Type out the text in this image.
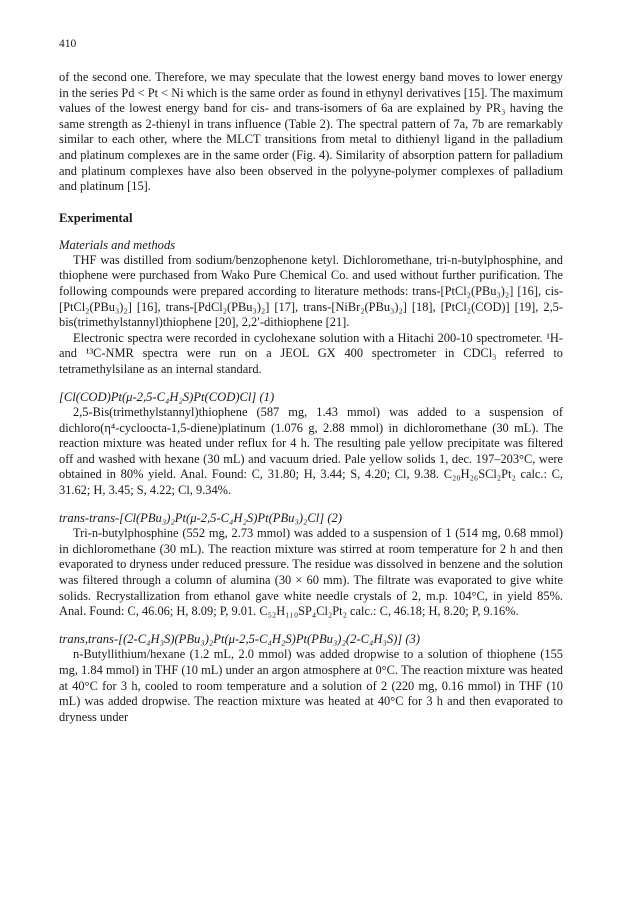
410

of the second one. Therefore, we may speculate that the lowest energy band moves to lower energy in the series Pd < Pt < Ni which is the same order as found in ethynyl derivatives [15]. The maximum values of the lowest energy band for cis- and trans-isomers of 6a are explained by PR₃ having the same strength as 2-thienyl in trans influence (Table 2). The spectral pattern of 7a, 7b are remarkably similar to each other, where the MLCT transitions from metal to dithienyl ligand in the palladium and platinum complexes are in the same order (Fig. 4). Similarity of absorption pattern for palladium and platinum complexes have also been observed in the polyyne-polymer complexes of palladium and platinum [15].

Experimental
Materials and methods

THF was distilled from sodium/benzophenone ketyl. Dichloromethane, tri-n-butylphosphine, and thiophene were purchased from Wako Pure Chemical Co. and used without further purification. The following compounds were prepared according to literature methods: trans-[PtCl₂(PBu₃)₂] [16], cis-[PtCl₂(PBu₃)₂] [16], trans-[PdCl₂(PBu₃)₂] [17], trans-[NiBr₂(PBu₃)₂] [18], [PtCl₂(COD)] [19], 2,5-bis(trimethylstannyl)thiophene [20], 2,2′-dithiophene [21].

Electronic spectra were recorded in cyclohexane solution with a Hitachi 200-10 spectrometer. ¹H- and ¹³C-NMR spectra were run on a JEOL GX 400 spectrometer in CDCl₃ referred to tetramethylsilane as an internal standard.

[Cl(COD)Pt(μ-2,5-C₄H₂S)Pt(COD)Cl] (1)

2,5-Bis(trimethylstannyl)thiophene (587 mg, 1.43 mmol) was added to a suspension of dichloro(η⁴-cycloocta-1,5-diene)platinum (1.076 g, 2.88 mmol) in dichloromethane (30 mL). The reaction mixture was heated under reflux for 4 h. The resulting pale yellow precipitate was filtered off and washed with hexane (30 mL) and vacuum dried. Pale yellow solids 1, dec. 197–203°C, were obtained in 80% yield. Anal. Found: C, 31.80; H, 3.44; S, 4.20; Cl, 9.38. C₂₀H₂₆SCl₂Pt₂ calc.: C, 31.62; H, 3.45; S, 4.22; Cl, 9.34%.

trans-trans-[Cl(PBu₃)₂Pt(μ-2,5-C₄H₂S)Pt(PBu₃)₂Cl] (2)

Tri-n-butylphosphine (552 mg, 2.73 mmol) was added to a suspension of 1 (514 mg, 0.68 mmol) in dichloromethane (30 mL). The reaction mixture was stirred at room temperature for 2 h and then evaporated to dryness under reduced pressure. The residue was dissolved in benzene and the solution was filtered through a column of alumina (30 × 60 mm). The filtrate was evaporated to give white solids. Recrystallization from ethanol gave white needle crystals of 2, m.p. 104°C, in yield 85%. Anal. Found: C, 46.06; H, 8.09; P, 9.01. C₅₂H₁₁₀SP₄Cl₂Pt₂ calc.: C, 46.18; H, 8.20; P, 9.16%.

trans,trans-[(2-C₄H₃S)(PBu₃)₂Pt(μ-2,5-C₄H₂S)Pt(PBu₃)₂(2-C₄H₃S)] (3)

n-Butyllithium/hexane (1.2 mL, 2.0 mmol) was added dropwise to a solution of thiophene (155 mg, 1.84 mmol) in THF (10 mL) under an argon atmosphere at 0°C. The reaction mixture was heated at 40°C for 3 h, cooled to room temperature and a solution of 2 (220 mg, 0.16 mmol) in THF (10 mL) was added dropwise. The reaction mixture was heated at 40°C for 3 h and then evaporated to dryness under
